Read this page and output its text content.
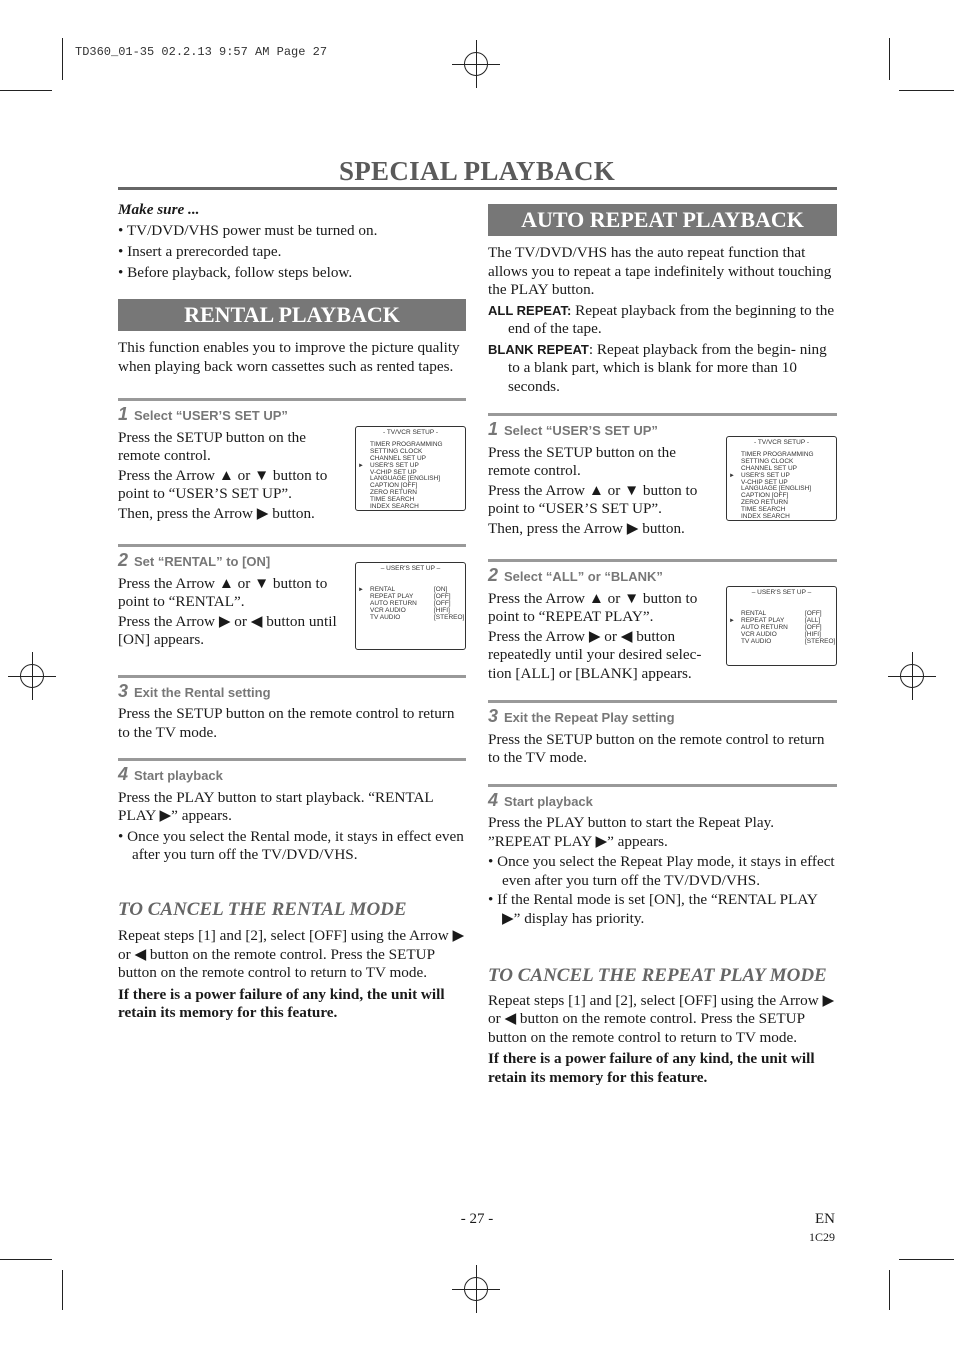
TD360_01-35 02.2.13 9:57 AM Page 27
SPECIAL PLAYBACK
Make sure ...
• TV/DVD/VHS power must be turned on.
• Insert a prerecorded tape.
• Before playback, follow steps below.
RENTAL PLAYBACK

This function enables you to improve the picture quality when playing back worn cassettes such as rented tapes.

1 Select “USER’S SET UP”

Press the SETUP button on the remote control.

Press the Arrow ▲ or ▼ button to point to “USER’S SET UP”.

Then, press the Arrow ▶ button.

- TV/VCR SETUP -
TIMER PROGRAMMING
SETTING CLOCK
CHANNEL SET UP
► USER'S SET UP
V-CHIP SET UP
LANGUAGE [ENGLISH]
CAPTION [OFF]
ZERO RETURN
TIME SEARCH
INDEX SEARCH
2 Set “RENTAL” to [ON]

Press the Arrow ▲ or ▼ button to point to “RENTAL”.

Press the Arrow ▶ or ◀ button until [ON] appears.

– USER'S SET UP –
► RENTAL	[ON]
REPEAT PLAY	[OFF]
AUTO RETURN	[OFF]
VCR AUDIO	[HIFI]
TV AUDIO	[STEREO]
3 Exit the Rental setting

Press the SETUP button on the remote control to return to the TV mode.

4 Start playback

Press the PLAY button to start playback. “RENTAL PLAY ▶” appears.

• Once you select the Rental mode, it stays in effect even after you turn off the TV/DVD/VHS.

TO CANCEL THE RENTAL MODE

Repeat steps [1] and [2], select [OFF] using the Arrow ▶ or ◀ button on the remote control. Press the SETUP button on the remote control to return to TV mode.

If there is a power failure of any kind, the unit will retain its memory for this feature.

AUTO REPEAT PLAYBACK

The TV/DVD/VHS has the auto repeat function that allows you to repeat a tape indefinitely without touching the PLAY button.

ALL REPEAT: Repeat playback from the beginning to the end of the tape.

BLANK REPEAT: Repeat playback from the begin- ning to a blank part, which is blank for more than 10 seconds.

1 Select “USER’S SET UP”

Press the SETUP button on the remote control.

Press the Arrow ▲ or ▼ button to point to “USER’S SET UP”.

Then, press the Arrow ▶ button.

- TV/VCR SETUP -
TIMER PROGRAMMING
SETTING CLOCK
CHANNEL SET UP
► USER'S SET UP
V-CHIP SET UP
LANGUAGE [ENGLISH]
CAPTION [OFF]
ZERO RETURN
TIME SEARCH
INDEX SEARCH
2 Select “ALL” or “BLANK”

Press the Arrow ▲ or ▼ button to point to “REPEAT PLAY”.

Press the Arrow ▶ or ◀ button repeatedly until your desired selec- tion [ALL] or [BLANK] appears.

– USER'S SET UP –
RENTAL	[OFF]
► REPEAT PLAY	[ALL]
AUTO RETURN	[OFF]
VCR AUDIO	[HIFI]
TV AUDIO	[STEREO]
3 Exit the Repeat Play setting

Press the SETUP button on the remote control to return to the TV mode.

4 Start playback

Press the PLAY button to start the Repeat Play. ”REPEAT PLAY ▶” appears.

• Once you select the Repeat Play mode, it stays in effect even after you turn off the TV/DVD/VHS.

• If the Rental mode is set [ON], the “RENTAL PLAY ▶” display has priority.

TO CANCEL THE REPEAT PLAY MODE

Repeat steps [1] and [2], select [OFF] using the Arrow ▶ or ◀ button on the remote control. Press the SETUP button on the remote control to return to TV mode.

If there is a power failure of any kind, the unit will retain its memory for this feature.

- 27 -	EN
1C29
